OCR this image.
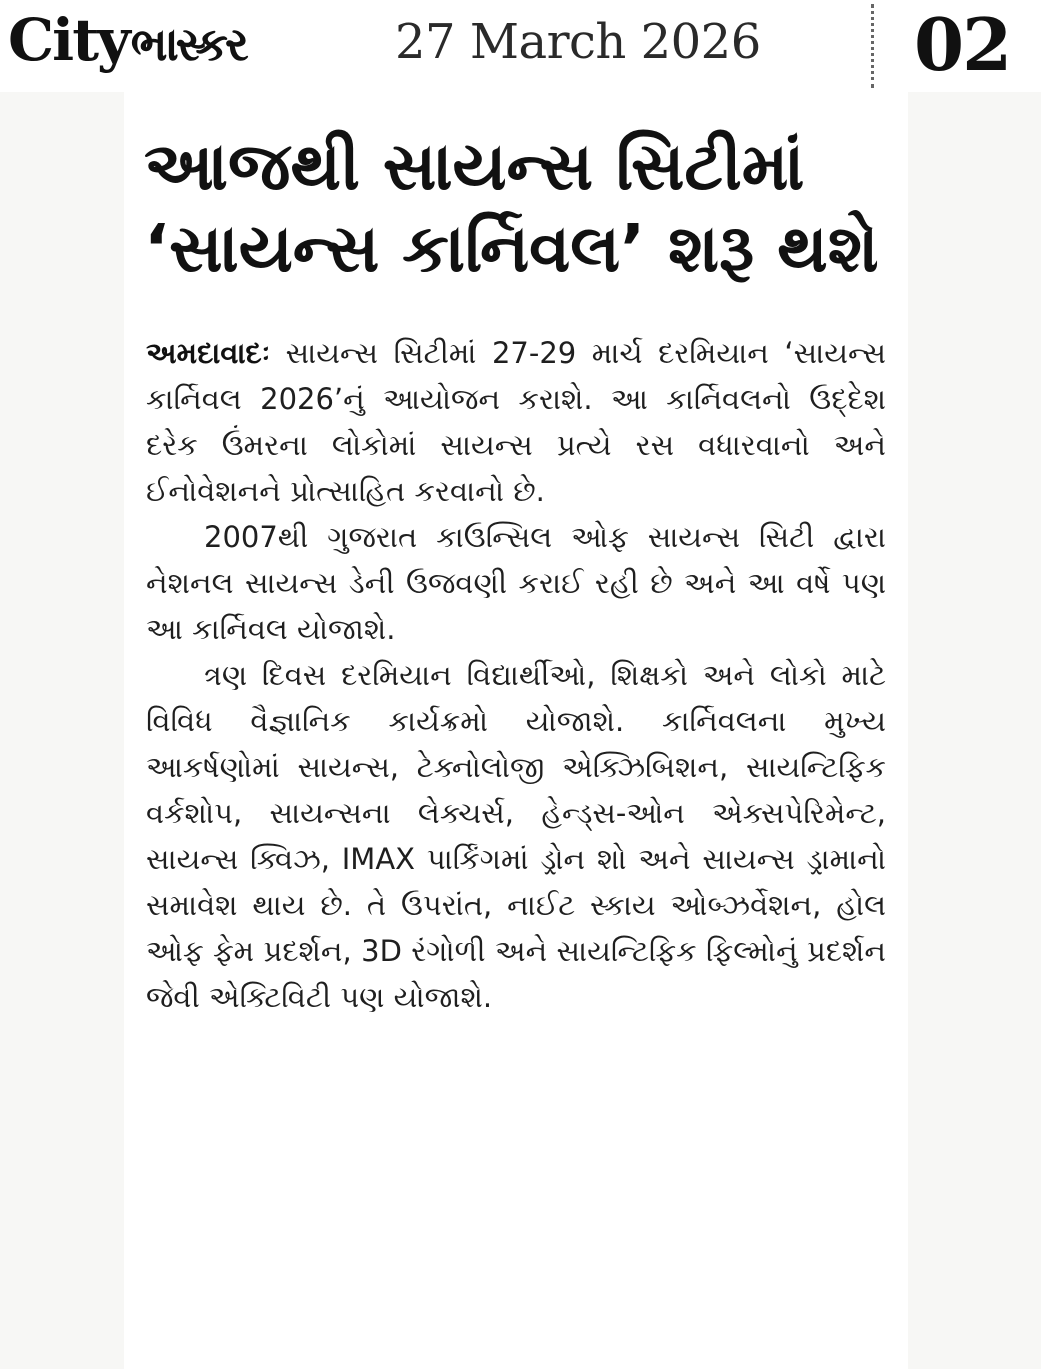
City ભાસ્કર	27 March 2026 02
આજથી સાયન્સ સિટીમાં
‘સાયન્સ કાર્નિવલ’ શરૂ થશે

અમદાવાદઃ સાયન્સ સિટીમાં 27-29 માર્ચ દરમિયાન ‘સાયન્સ કાર્નિવલ 2026’નું આયોજન કરાશે. આ કાર્નિવલનો ઉદ્દેશ દરેક ઉંમરના લોકોમાં સાયન્સ પ્રત્યે રસ વધારવાનો અને ઈનોવેશનને પ્રોત્સાહિત કરવાનો છે.

2007થી ગુજરાત કાઉન્સિલ ઓફ સાયન્સ સિટી દ્વારા નેશનલ સાયન્સ ડેની ઉજવણી કરાઈ રહી છે અને આ વર્ષે પણ આ કાર્નિવલ યોજાશે.

ત્રણ દિવસ દરમિયાન વિદ્યાર્થીઓ, શિક્ષકો અને લોકો માટે વિવિધ વૈજ્ઞાનિક કાર્યક્રમો યોજાશે. કાર્નિવલના મુખ્ય આકર્ષણોમાં સાયન્સ, ટેક્નોલોજી એક્ઝિબિશન, સાયન્ટિફિક વર્કશોપ, સાયન્સના લેક્ચર્સ, હેન્ડ્સ-ઓન એક્સપેરિમેન્ટ, સાયન્સ ક્વિઝ, IMAX પાર્કિંગમાં ડ્રોન શો અને સાયન્સ ડ્રામાનો સમાવેશ થાય છે. તે ઉપરાંત, નાઈટ સ્કાય ઓબ્ઝર્વેશન, હોલ ઓફ ફેમ પ્રદર્શન, 3D રંગોળી અને સાયન્ટિફિક ફિલ્મોનું પ્રદર્શન જેવી એક્ટિવિટી પણ યોજાશે.
